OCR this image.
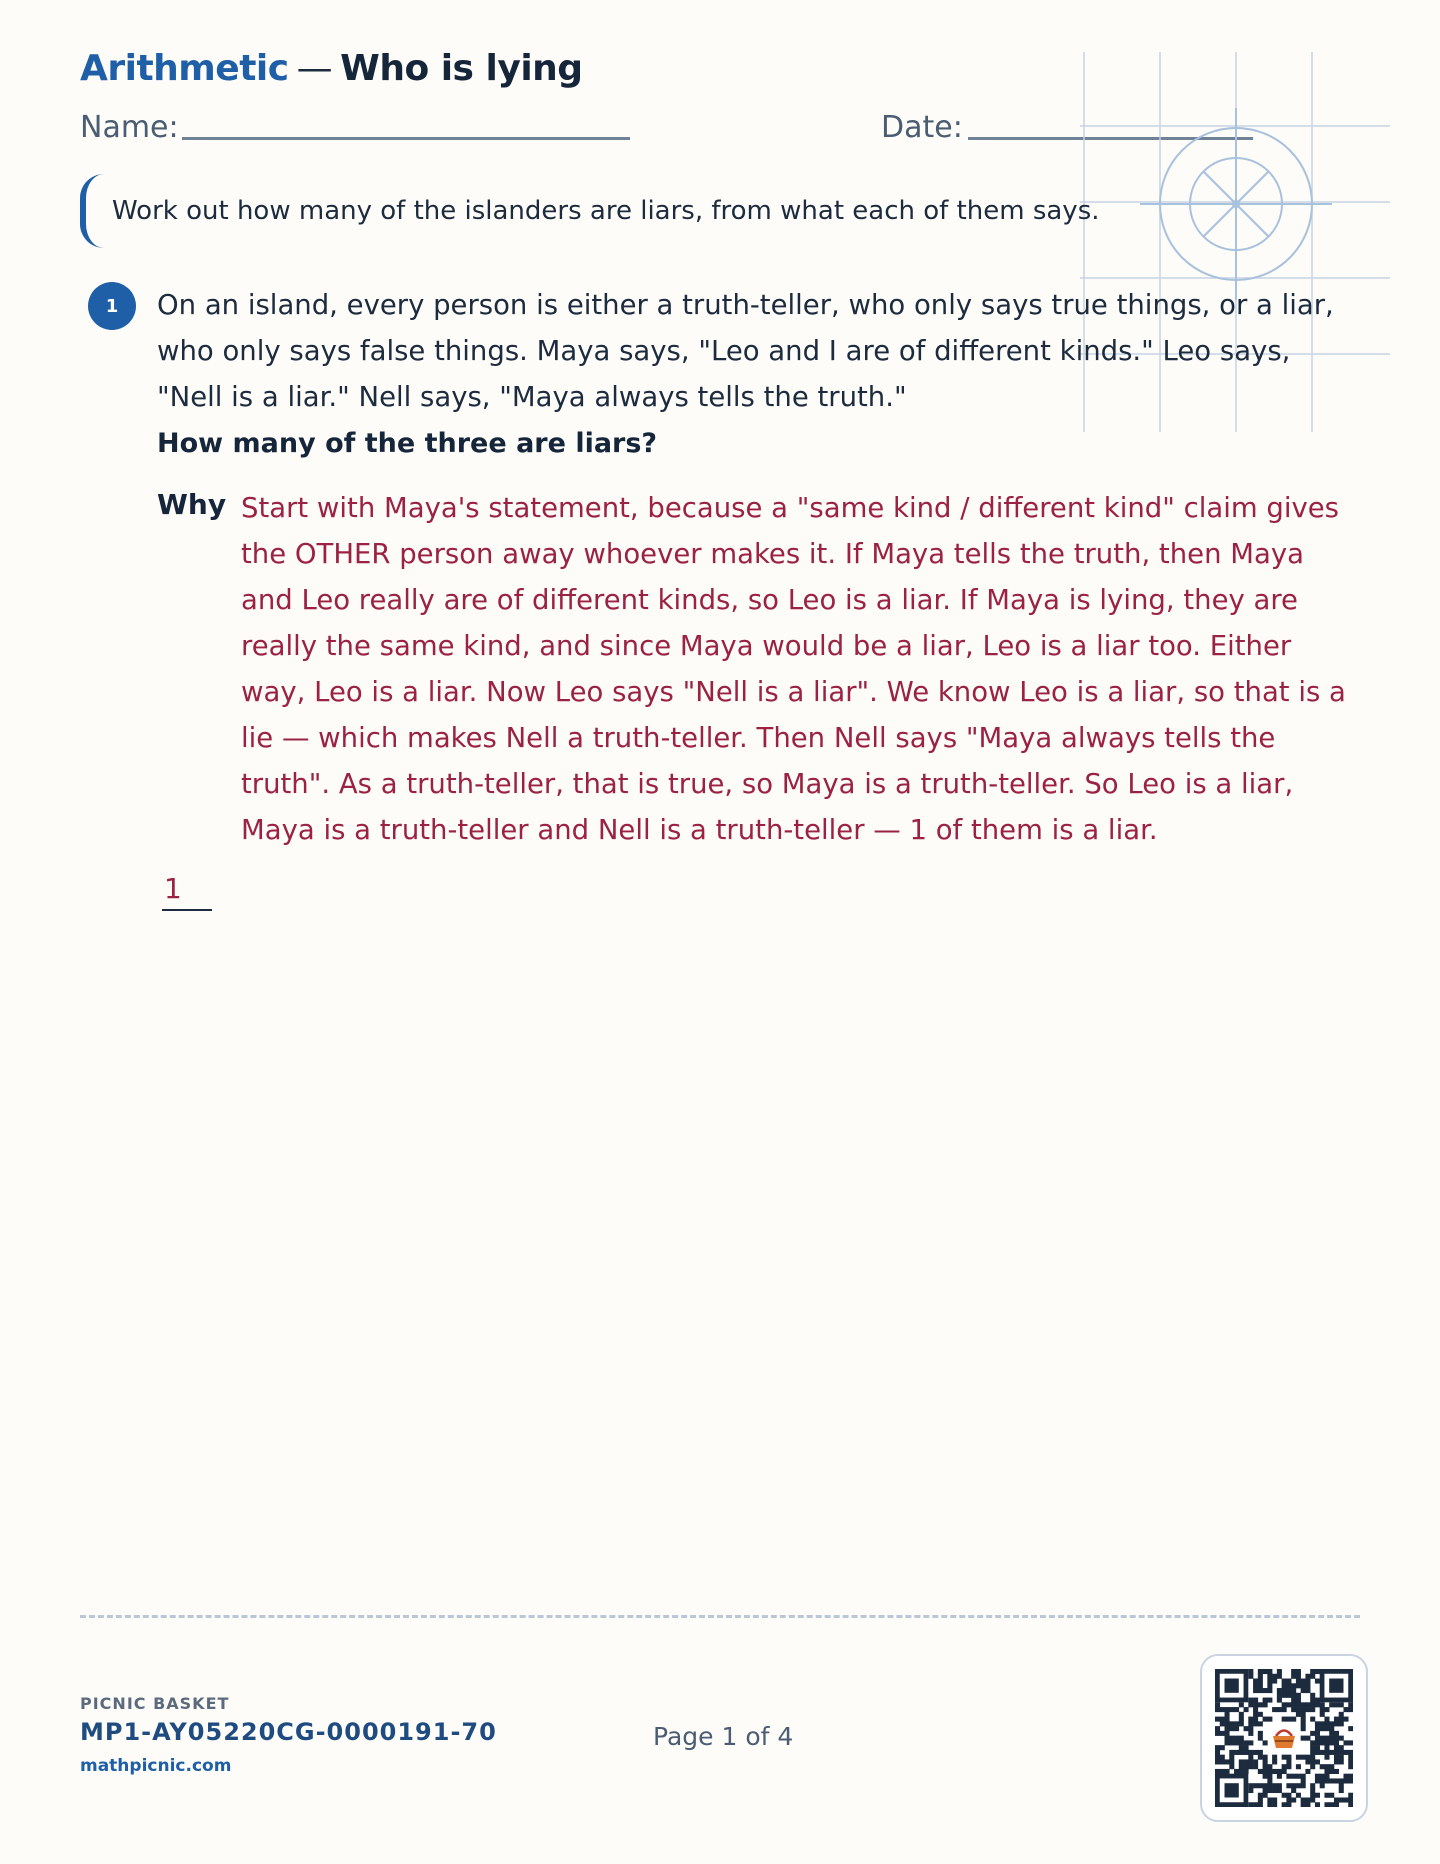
Arithmetic — Who is lying
Name:	Date:
Work out how many of the islanders are liars, from what each of them says.
1	On an island, every person is either a truth-teller, who only says true things, or a liar, who only says false things. Maya says, "Leo and I are of different kinds." Leo says, "Nell is a liar." Nell says, "Maya always tells the truth."
How many of the three are liars?
Why Start with Maya's statement, because a "same kind / different kind" claim gives the OTHER person away whoever makes it. If Maya tells the truth, then Maya and Leo really are of different kinds, so Leo is a liar. If Maya is lying, they are really the same kind, and since Maya would be a liar, Leo is a liar too. Either way, Leo is a liar. Now Leo says "Nell is a liar". We know Leo is a liar, so that is a lie — which makes Nell a truth-teller. Then Nell says "Maya always tells the truth". As a truth-teller, that is true, so Maya is a truth-teller. So Leo is a liar, Maya is a truth-teller and Nell is a truth-teller — 1 of them is a liar.
1
PICNIC BASKET
MP1-AY05220CG-0000191-70
mathpicnic.com
Page 1 of 4
